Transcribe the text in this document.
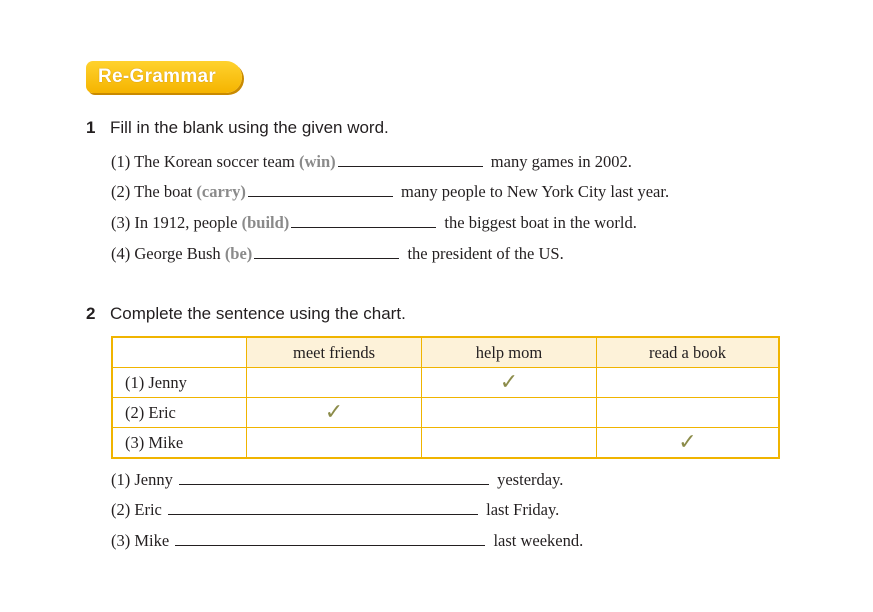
Re-Grammar
1 Fill in the blank using the given word.
(1) The Korean soccer team (win)	many games in 2002.
(2) The boat (carry)	many people to New York City last year.
(3) In 1912, people (build)	the biggest boat in the world.
(4) George Bush (be)	the president of the US.
2 Complete the sentence using the chart.
	meet friends	help mom	read a book
(1) Jenny		✓	
(2) Eric	✓		
(3) Mike			✓
(1) Jenny	yesterday.
(2) Eric	last Friday.
(3) Mike	last weekend.
